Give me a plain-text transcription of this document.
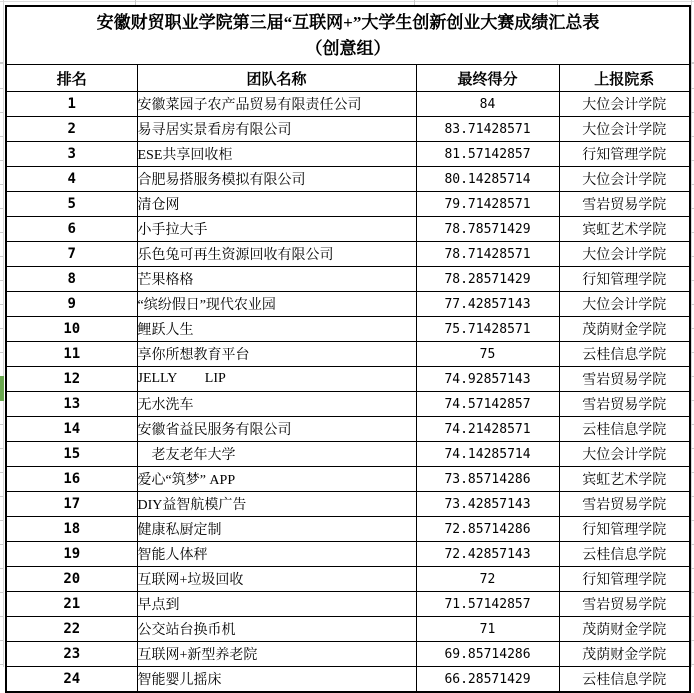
安徽财贸职业学院第三届“互联网+”大学生创新创业大赛成绩汇总表
（创意组）			

排名	团队名称	最终得分	上报院系
1	安徽菜园子农产品贸易有限责任公司	84	大位会计学院
2	易寻居实景看房有限公司	83.71428571	大位会计学院
3	ESE共享回收柜	81.57142857	行知管理学院
4	合肥易搭服务模拟有限公司	80.14285714	大位会计学院
5	清仓网	79.71428571	雪岩贸易学院
6	小手拉大手	78.78571429	宾虹艺术学院
7	乐色兔可再生资源回收有限公司	78.71428571	大位会计学院
8	芒果格格	78.28571429	行知管理学院
9	“缤纷假日”现代农业园	77.42857143	大位会计学院
10	鲤跃人生	75.71428571	茂荫财金学院
11	享你所想教育平台	75	云桂信息学院
12	JELLY        LIP	74.92857143	雪岩贸易学院
13	无水洗车	74.57142857	雪岩贸易学院
14	安徽省益民服务有限公司	74.21428571	云桂信息学院
15	　老友老年大学	74.14285714	大位会计学院
16	爱心“筑梦” APP	73.85714286	宾虹艺术学院
17	DIY益智航模广告	73.42857143	雪岩贸易学院
18	健康私厨定制	72.85714286	行知管理学院
19	智能人体秤	72.42857143	云桂信息学院
20	互联网+垃圾回收	72	行知管理学院
21	早点到	71.57142857	雪岩贸易学院
22	公交站台换币机	71	茂荫财金学院
23	互联网+新型养老院	69.85714286	茂荫财金学院
24	智能婴儿摇床	66.28571429	云桂信息学院
